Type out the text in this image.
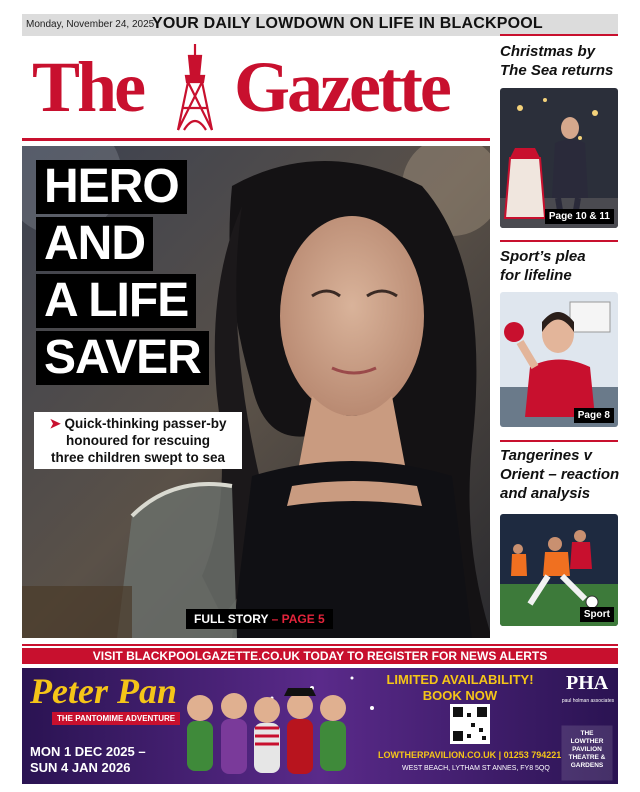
Monday, November 24, 2025
YOUR DAILY LOWDOWN ON LIFE IN BLACKPOOL
The Gazette
HERO
AND
A LIFE
SAVER
➤ Quick-thinking passer-by
honoured for rescuing
three children swept to sea
FULL STORY – PAGE 5
Christmas by
The Sea returns
Page 10 & 11
Sport’s plea
for lifeline
Page 8
Tangerines v
Orient – reaction
and analysis
Sport
VISIT BLACKPOOLGAZETTE.CO.UK TODAY TO REGISTER FOR NEWS ALERTS
Peter Pan
THE PANTOMIME ADVENTURE
MON 1 DEC 2025 –
SUN 4 JAN 2026
LIMITED AVAILABILITY!
BOOK NOW
LOWTHERPAVILION.CO.UK | 01253 794221
WEST BEACH, LYTHAM ST ANNES, FY8 5QQ
PHA
paul holman associates
THE
LOWTHER
PAVILION
THEATRE &
GARDENS
